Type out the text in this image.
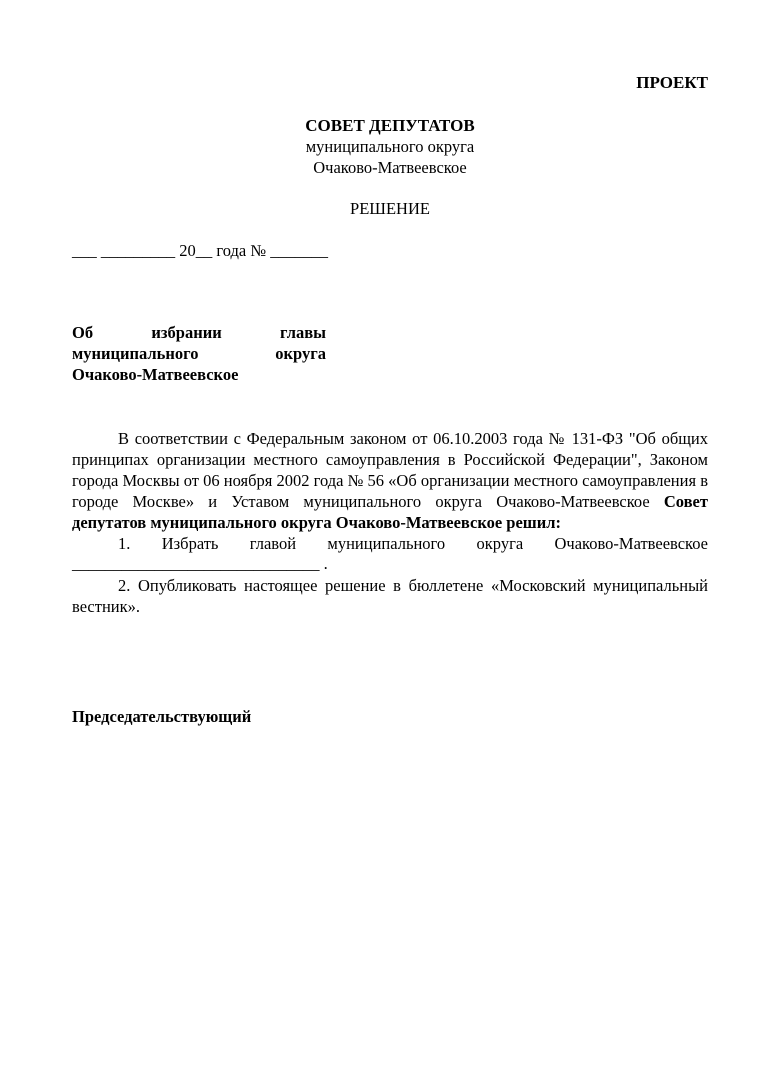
ПРОЕКТ
СОВЕТ ДЕПУТАТОВ
муниципального округа
Очаково-Матвеевское
РЕШЕНИЕ
___ _________ 20__ года № _______
Об избрании главы
муниципального округа
Очаково-Матвеевское
В соответствии с Федеральным законом от 06.10.2003 года № 131-ФЗ "Об общих принципах организации местного самоуправления в Российской Федерации", Законом города Москвы от 06 ноября 2002 года № 56 «Об организации местного самоуправления в городе Москве» и Уставом муниципального округа Очаково-Матвеевское Совет депутатов муниципального округа Очаково-Матвеевское решил:
1. Избрать главой муниципального округа Очаково-Матвеевское
______________________________ .
2. Опубликовать настоящее решение в бюллетене «Московский муниципальный вестник».
Председательствующий
